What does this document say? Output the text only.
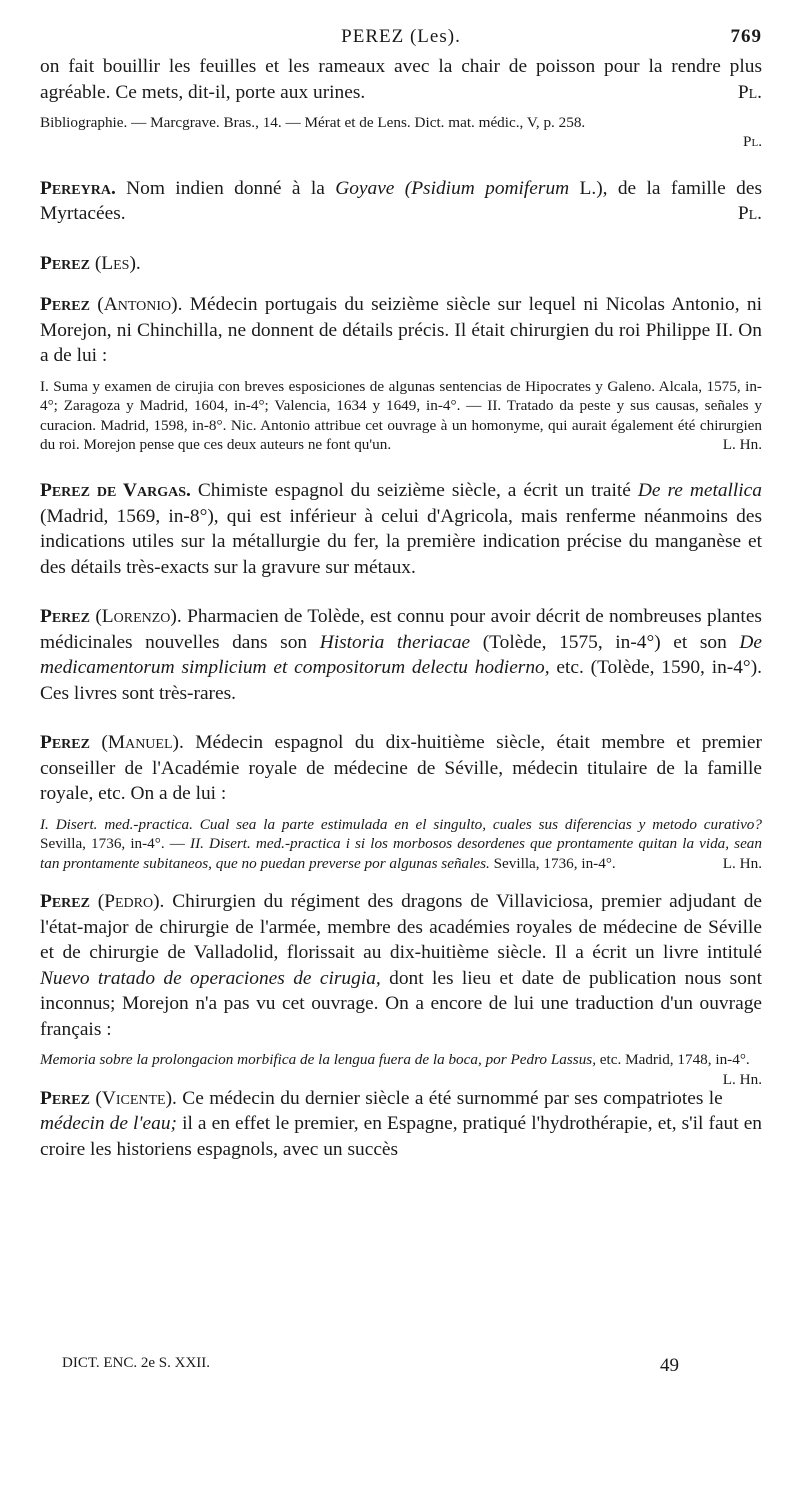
PEREZ (Les).	769

on fait bouillir les feuilles et les rameaux avec la chair de poisson pour la rendre plus agréable. Ce mets, dit-il, porte aux urines.	Pl.

Bibliographie. — Marcgrave. Bras., 14. — Mérat et de Lens. Dict. mat. médic., V, p. 258.

Pl.

Pereyra. Nom indien donné à la Goyave (Psidium pomiferum L.), de la famille des Myrtacées.	Pl.

Perez (Les).

Perez (Antonio). Médecin portugais du seizième siècle sur lequel ni Nicolas Antonio, ni Morejon, ni Chinchilla, ne donnent de détails précis. Il était chirurgien du roi Philippe II. On a de lui :

I. Suma y examen de cirujia con breves esposiciones de algunas sentencias de Hipocrates y Galeno. Alcala, 1575, in-4°; Zaragoza y Madrid, 1604, in-4°; Valencia, 1634 y 1649, in-4°. — II. Tratado da peste y sus causas, señales y curacion. Madrid, 1598, in-8°. Nic. Antonio attribue cet ouvrage à un homonyme, qui aurait également été chirurgien du roi. Morejon pense que ces deux auteurs ne font qu'un.	L. Hn.

Perez de Vargas. Chimiste espagnol du seizième siècle, a écrit un traité De re metallica (Madrid, 1569, in-8°), qui est inférieur à celui d'Agricola, mais renferme néanmoins des indications utiles sur la métallurgie du fer, la première indication précise du manganèse et des détails très-exacts sur la gravure sur métaux.

Perez (Lorenzo). Pharmacien de Tolède, est connu pour avoir décrit de nombreuses plantes médicinales nouvelles dans son Historia theriacae (Tolède, 1575, in-4°) et son De medicamentorum simplicium et compositorum delectu hodierno, etc. (Tolède, 1590, in-4°). Ces livres sont très-rares.

Perez (Manuel). Médecin espagnol du dix-huitième siècle, était membre et premier conseiller de l'Académie royale de médecine de Séville, médecin titulaire de la famille royale, etc. On a de lui :

I. Disert. med.-practica. Cual sea la parte estimulada en el singulto, cuales sus diferencias y metodo curativo? Sevilla, 1736, in-4°. — II. Disert. med.-practica i si los morbosos desordenes que prontamente quitan la vida, sean tan prontamente subitaneos, que no puedan preverse por algunas señales. Sevilla, 1736, in-4°.	L. Hn.

Perez (Pedro). Chirurgien du régiment des dragons de Villaviciosa, premier adjudant de l'état-major de chirurgie de l'armée, membre des académies royales de médecine de Séville et de chirurgie de Valladolid, florissait au dix-huitième siècle. Il a écrit un livre intitulé Nuevo tratado de operaciones de cirugia, dont les lieu et date de publication nous sont inconnus; Morejon n'a pas vu cet ouvrage. On a encore de lui une traduction d'un ouvrage français :

Memoria sobre la prolongacion morbifica de la lengua fuera de la boca, por Pedro Lassus, etc. Madrid, 1748, in-4°.
L. Hn.

Perez (Vicente). Ce médecin du dernier siècle a été surnommé par ses compatriotes le médecin de l'eau; il a en effet le premier, en Espagne, pratiqué l'hydrothérapie, et, s'il faut en croire les historiens espagnols, avec un succès

DICT. ENC. 2e S. XXII.	49
